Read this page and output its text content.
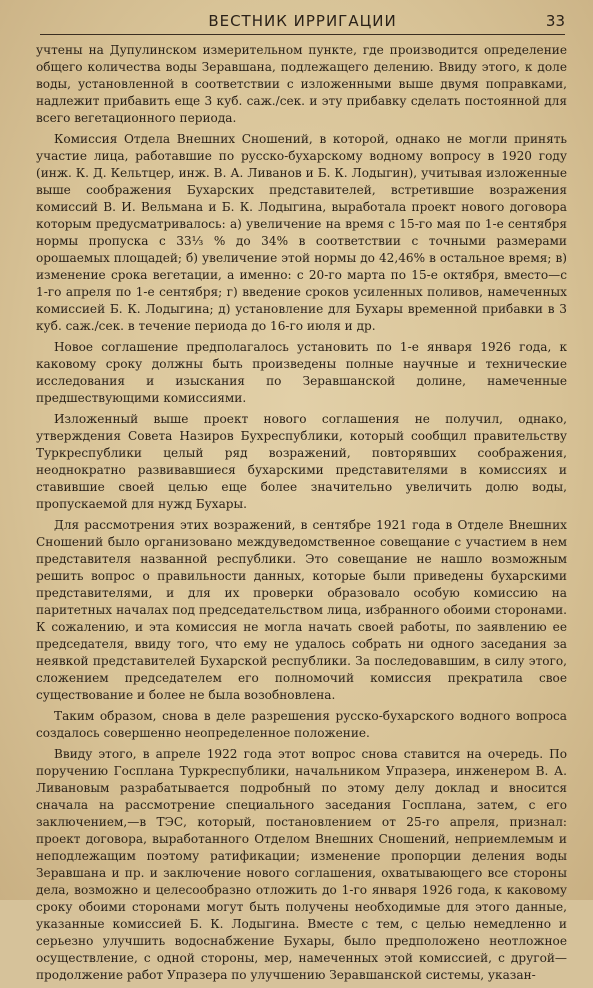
ВЕСТНИК ИРРИГАЦИИ	33

учтены на Дупулинском измерительном пункте, где производится определение общего количества воды Зеравшана, подлежащего делению. Ввиду этого, к доле воды, установленной в соответствии с изложенными выше двумя поправками, надлежит прибавить еще 3 куб. саж./сек. и эту прибавку сделать постоянной для всего вегетационного периода.

Комиссия Отдела Внешних Сношений, в которой, однако не могли принять участие лица, работавшие по русско-бухарскому водному вопросу в 1920 году (инж. К. Д. Кельтцер, инж. В. А. Ливанов и Б. К. Лодыгин), учитывая изложенные выше соображения Бухарских представителей, встретившие возражения комиссий В. И. Вельмана и Б. К. Лодыгина, выработала проект нового договора которым предусматривалось: а) увеличение на время с 15-го мая по 1-е сентября нормы пропуска с 33⅓ % до 34% в соответствии с точными размерами орошаемых площадей; б) увеличение этой нормы до 42,46% в остальное время; в) изменение срока вегетации, а именно: с 20-го марта по 15-е октября, вместо—с 1-го апреля по 1-е сентября; г) введение сроков усиленных поливов, намеченных комиссией Б. К. Лодыгина; д) установление для Бухары временной прибавки в 3 куб. саж./сек. в течение периода до 16-го июля и др.

Новое соглашение предполагалось установить по 1-е января 1926 года, к каковому сроку должны быть произведены полные научные и технические исследования и изыскания по Зеравшанской долине, намеченные предшествующими комиссиями.

Изложенный выше проект нового соглашения не получил, однако, утверждения Совета Назиров Бухреспублики, который сообщил правительству Туркреспублики целый ряд возражений, повторявших соображения, неоднократно развивавшиеся бухарскими представителями в комиссиях и ставившие своей целью еще более значительно увеличить долю воды, пропускаемой для нужд Бухары.

Для рассмотрения этих возражений, в сентябре 1921 года в Отделе Внешних Сношений было организовано междуведомственное совещание с участием в нем представителя названной республики. Это совещание не нашло возможным решить вопрос о правильности данных, которые были приведены бухарскими представителями, и для их проверки образовало особую комиссию на паритетных началах под председательством лица, избранного обоими сторонами. К сожалению, и эта комиссия не могла начать своей работы, по заявлению ее председателя, ввиду того, что ему не удалось собрать ни одного заседания за неявкой представителей Бухарской республики. За последовавшим, в силу этого, сложением председателем его полномочий комиссия прекратила свое существование и более не была возобновлена.

Таким образом, снова в деле разрешения русско-бухарского водного вопроса создалось совершенно неопределенное положение.

Ввиду этого, в апреле 1922 года этот вопрос снова ставится на очередь. По поручению Госплана Туркреспублики, начальником Упразера, инженером В. А. Ливановым разрабатывается подробный по этому делу доклад и вносится сначала на рассмотрение специального заседания Госплана, затем, с его заключением,—в ТЭС, который, постановлением от 25-го апреля, признал: проект договора, выработанного Отделом Внешних Сношений, неприемлемым и неподлежащим поэтому ратификации; изменение пропорции деления воды Зеравшана и пр. и заключение нового соглашения, охватывающего все стороны дела, возможно и целесообразно отложить до 1-го января 1926 года, к каковому сроку обоими сторонами могут быть получены необходимые для этого данные, указанные комиссией Б. К. Лодыгина. Вместе с тем, с целью немедленно и серьезно улучшить водоснабжение Бухары, было предположено неотложное осуществление, с одной стороны, мер, намеченных этой комиссией, с другой—продолжение работ Упразера по улучшению Зеравшанской системы, указан-
